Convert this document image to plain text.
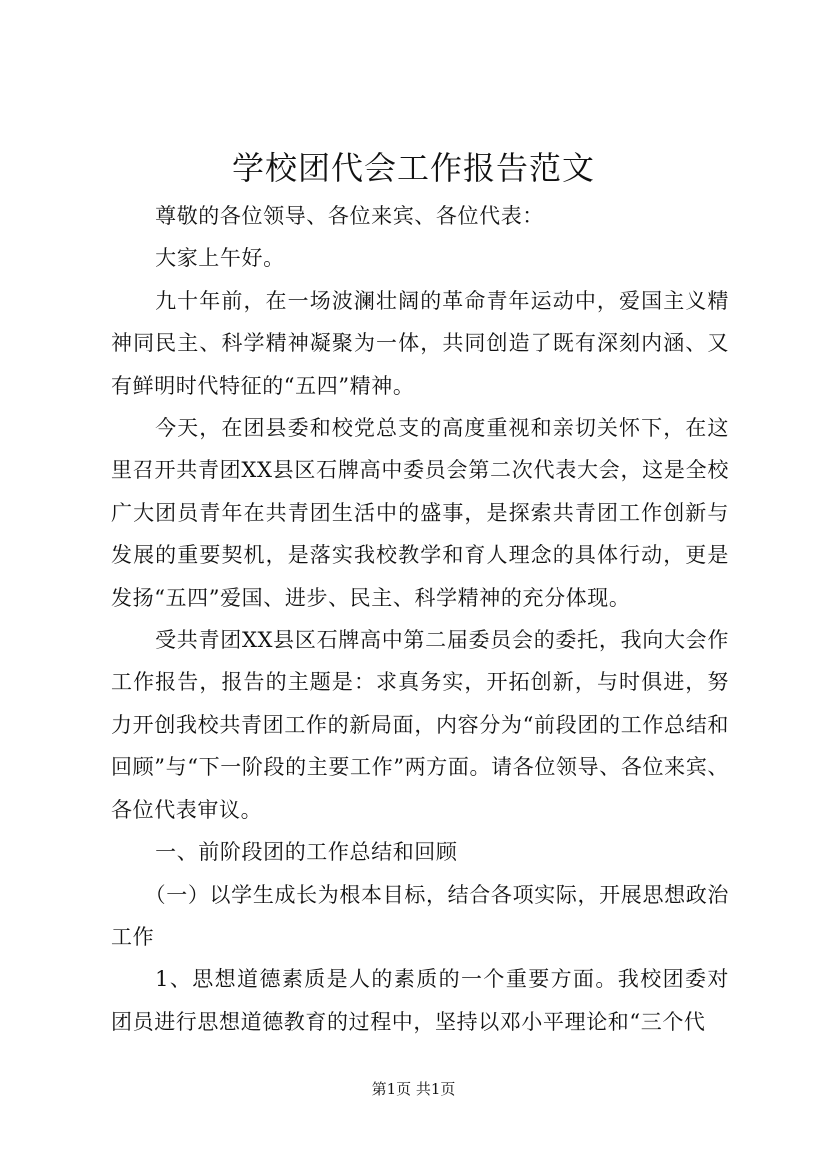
学校团代会工作报告范文

尊敬的各位领导、各位来宾、各位代表：

大家上午好。

九十年前，在一场波澜壮阔的革命青年运动中，爱国主义精神同民主、科学精神凝聚为一体，共同创造了既有深刻内涵、又有鲜明时代特征的“五四”精神。

今天，在团县委和校党总支的高度重视和亲切关怀下，在这里召开共青团XX县区石牌高中委员会第二次代表大会，这是全校广大团员青年在共青团生活中的盛事，是探索共青团工作创新与发展的重要契机，是落实我校教学和育人理念的具体行动，更是发扬“五四”爱国、进步、民主、科学精神的充分体现。

受共青团XX县区石牌高中第二届委员会的委托，我向大会作工作报告，报告的主题是：求真务实，开拓创新，与时俱进，努力开创我校共青团工作的新局面，内容分为“前段团的工作总结和回顾”与“下一阶段的主要工作”两方面。请各位领导、各位来宾、各位代表审议。

一、前阶段团的工作总结和回顾

（一）以学生成长为根本目标，结合各项实际，开展思想政治工作

1、思想道德素质是人的素质的一个重要方面。我校团委对团员进行思想道德教育的过程中，坚持以邓小平理论和“三个代

第1页 共1页
